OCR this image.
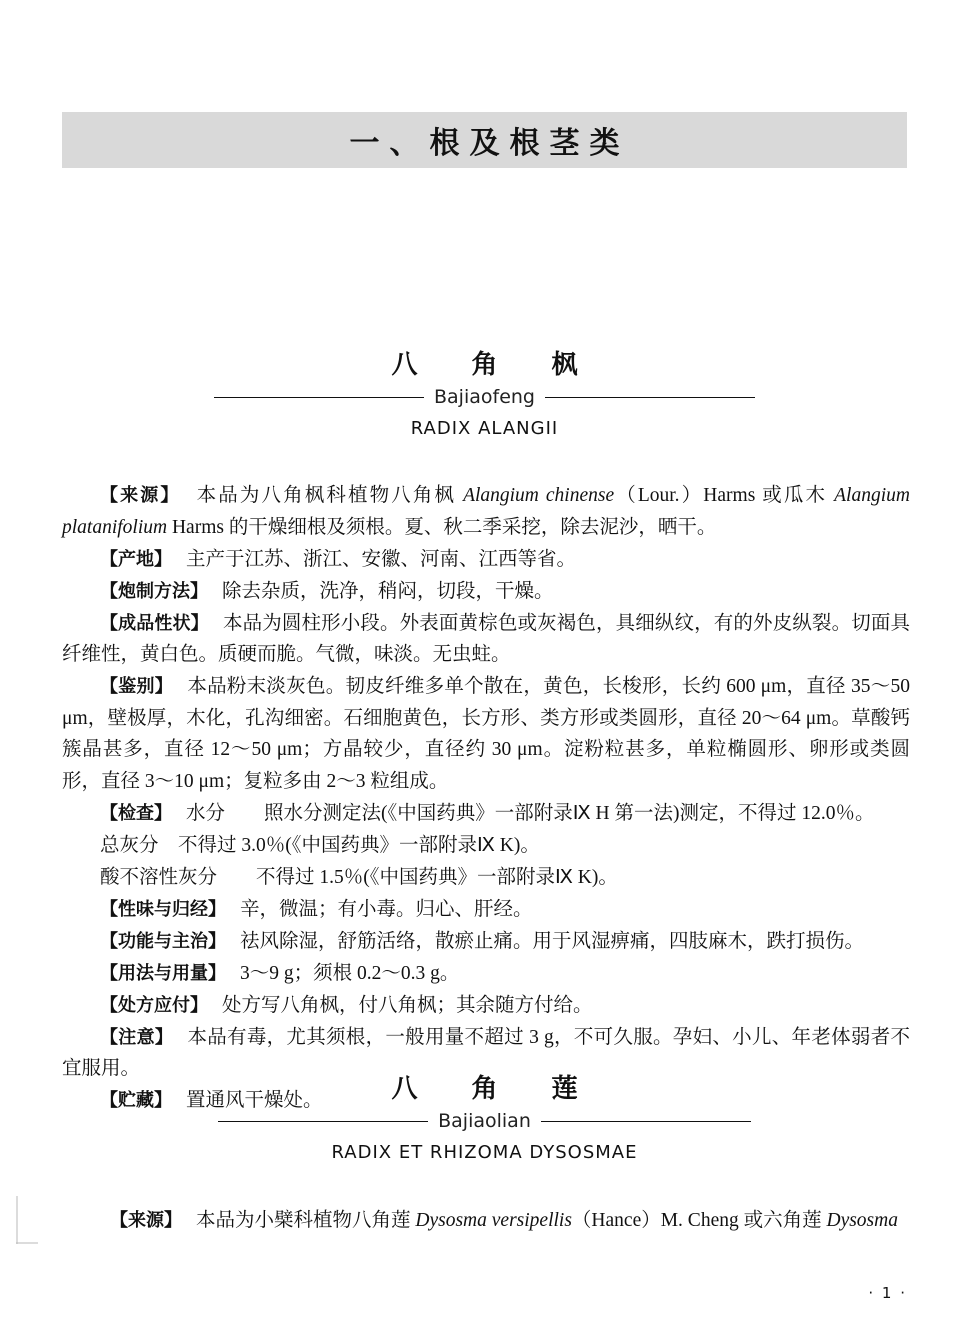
一、根及根茎类
八　角　枫
Bajiaofeng
RADIX ALANGII

【来源】 本品为八角枫科植物八角枫 Alangium chinense（Lour.）Harms 或瓜木 Alangium platanifolium Harms 的干燥细根及须根。夏、秋二季采挖，除去泥沙，晒干。

【产地】 主产于江苏、浙江、安徽、河南、江西等省。

【炮制方法】 除去杂质，洗净，稍闷，切段，干燥。

【成品性状】 本品为圆柱形小段。外表面黄棕色或灰褐色，具细纵纹，有的外皮纵裂。切面具纤维性，黄白色。质硬而脆。气微，味淡。无虫蛀。

【鉴别】 本品粉末淡灰色。韧皮纤维多单个散在，黄色，长梭形，长约 600 μm，直径 35～50 μm，壁极厚，木化，孔沟细密。石细胞黄色，长方形、类方形或类圆形，直径 20～64 μm。草酸钙簇晶甚多，直径 12～50 μm；方晶较少，直径约 30 μm。淀粉粒甚多，单粒椭圆形、卵形或类圆形，直径 3～10 μm；复粒多由 2～3 粒组成。

【检查】 水分　　照水分测定法(《中国药典》一部附录Ⅸ H 第一法)测定，不得过 12.0％。

总灰分　不得过 3.0％(《中国药典》一部附录Ⅸ K)。

酸不溶性灰分　　不得过 1.5％(《中国药典》一部附录Ⅸ K)。

【性味与归经】 辛，微温；有小毒。归心、肝经。

【功能与主治】 祛风除湿，舒筋活络，散瘀止痛。用于风湿痹痛，四肢麻木，跌打损伤。

【用法与用量】 3～9 g；须根 0.2～0.3 g。

【处方应付】 处方写八角枫，付八角枫；其余随方付给。

【注意】 本品有毒，尤其须根，一般用量不超过 3 g，不可久服。孕妇、小儿、年老体弱者不宜服用。

【贮藏】 置通风干燥处。	八　角　莲
Bajiaolian
RADIX ET RHIZOMA DYSOSMAE

【来源】 本品为小檗科植物八角莲 Dysosma versipellis（Hance）M. Cheng 或六角莲 Dysosma

· 1 ·
